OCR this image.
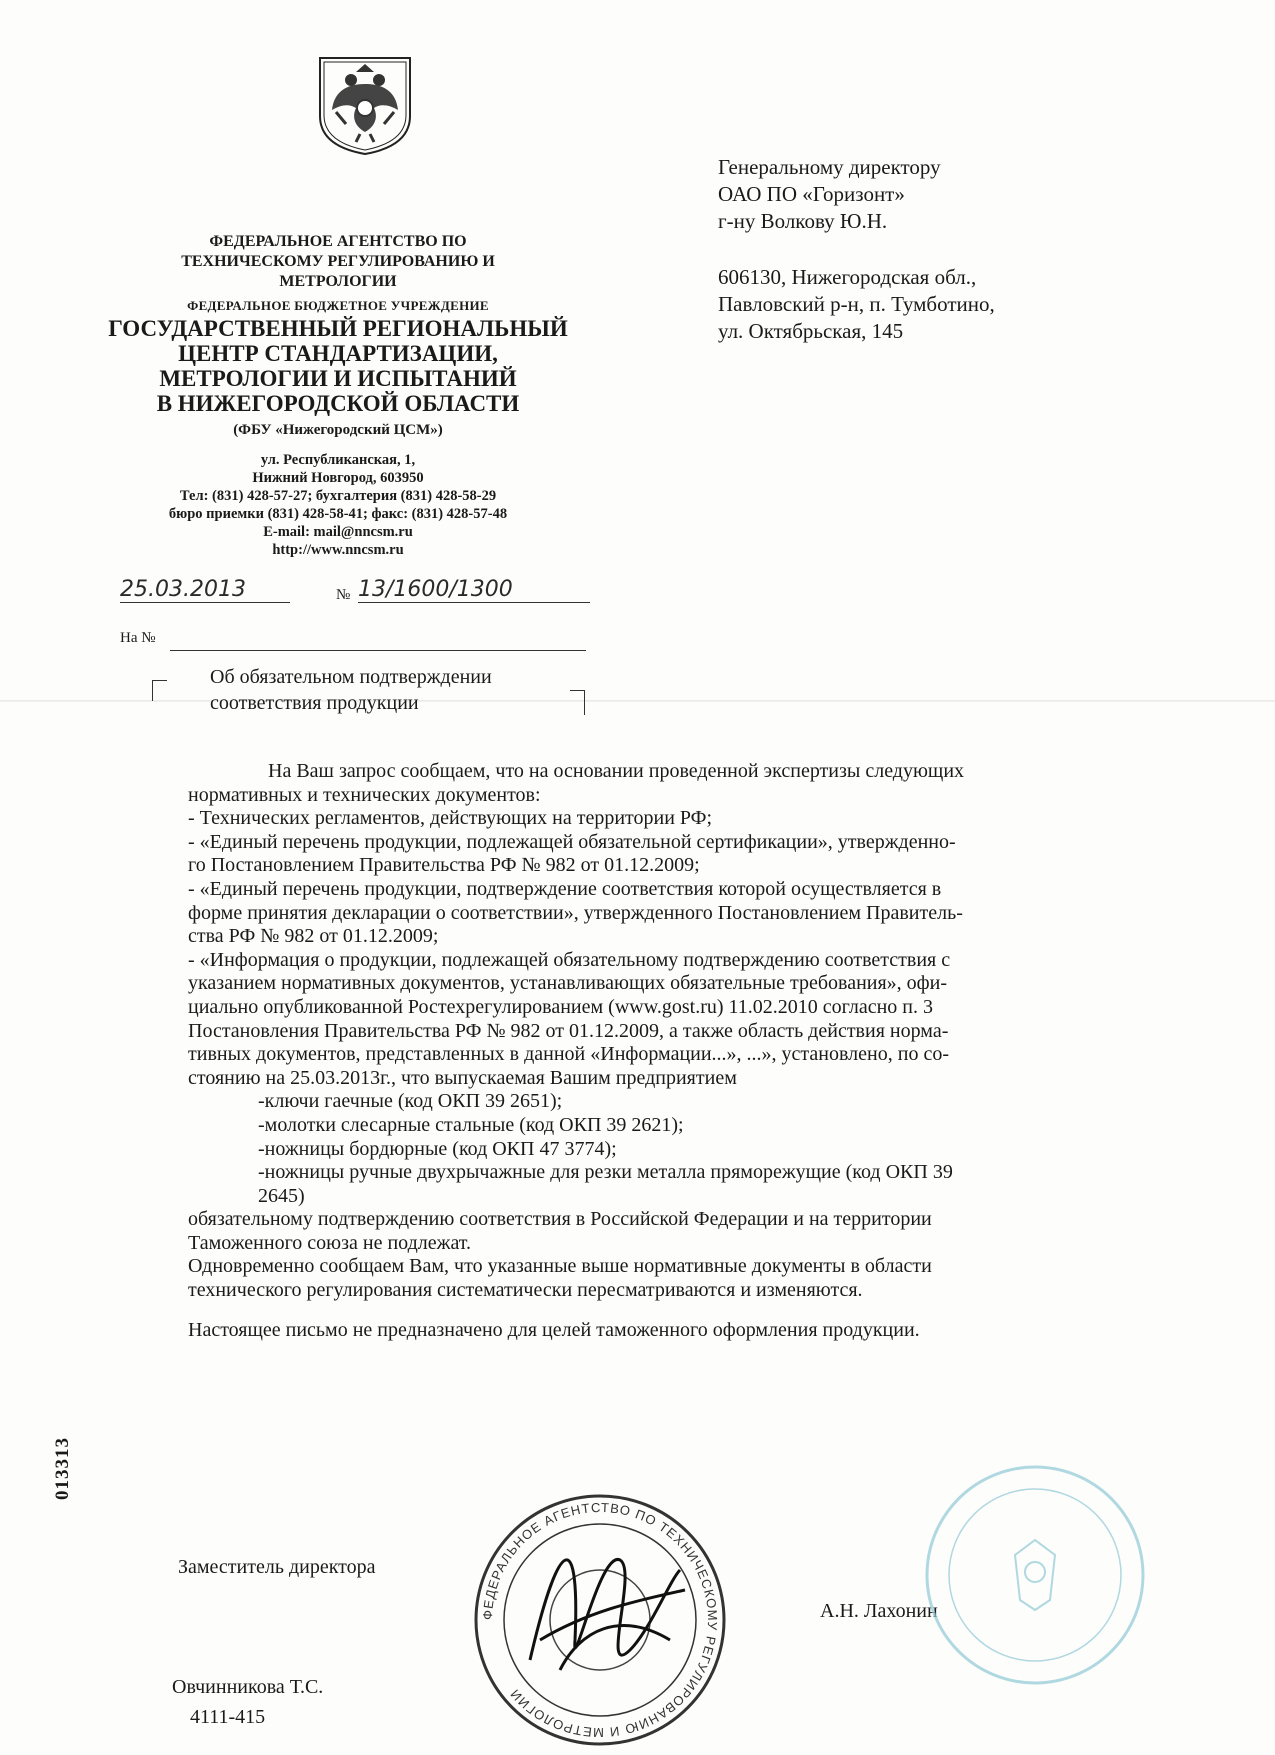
ФЕДЕРАЛЬНОЕ АГЕНТСТВО ПО
ТЕХНИЧЕСКОМУ РЕГУЛИРОВАНИЮ И
МЕТРОЛОГИИ
ФЕДЕРАЛЬНОЕ БЮДЖЕТНОЕ УЧРЕЖДЕНИЕ
ГОСУДАРСТВЕННЫЙ РЕГИОНАЛЬНЫЙ
ЦЕНТР СТАНДАРТИЗАЦИИ,
МЕТРОЛОГИИ И ИСПЫТАНИЙ
В НИЖЕГОРОДСКОЙ ОБЛАСТИ
(ФБУ «Нижегородский ЦСМ»)
ул. Республиканская, 1,
Нижний Новгород, 603950
Тел: (831) 428-57-27; бухгалтерия (831) 428-58-29
бюро приемки (831) 428-58-41; факс: (831) 428-57-48
E-mail: mail@nncsm.ru
http://www.nncsm.ru
Генеральному директору
ОАО ПО «Горизонт»
г-ну Волкову Ю.Н.
606130, Нижегородская обл.,
Павловский р-н, п. Тумботино,
ул. Октябрьская, 145
25.03.2013	№ 13/1600/1300
На №
Об обязательном подтверждении
соответствия продукции

На Ваш запрос сообщаем, что на основании проведенной экспертизы следующих

нормативных и технических документов:

- Технических регламентов, действующих на территории РФ;

- «Единый перечень продукции, подлежащей обязательной сертификации», утвержденно-

го Постановлением Правительства РФ № 982 от 01.12.2009;

- «Единый перечень продукции, подтверждение соответствия которой осуществляется в

форме принятия декларации о соответствии», утвержденного Постановлением Правитель-

ства РФ № 982 от 01.12.2009;

- «Информация о продукции, подлежащей обязательному подтверждению соответствия с

указанием нормативных документов, устанавливающих обязательные требования», офи-

циально опубликованной Ростехрегулированием (www.gost.ru) 11.02.2010 согласно п. 3

Постановления Правительства РФ № 982 от 01.12.2009, а также область действия норма-

тивных документов, представленных в данной «Информации...», ...», установлено, по со-

стоянию на 25.03.2013г., что выпускаемая Вашим предприятием

-ключи гаечные (код ОКП 39 2651);

-молотки слесарные стальные (код ОКП 39 2621);

-ножницы бордюрные (код ОКП 47 3774);

-ножницы ручные двухрычажные для резки металла пряморежущие (код ОКП 39

2645)

обязательному подтверждению соответствия в Российской Федерации и на территории

Таможенного союза не подлежат.

Одновременно сообщаем Вам, что указанные выше нормативные документы в области

технического регулирования систематически пересматриваются и изменяются.

Настоящее письмо не предназначено для целей таможенного оформления продукции.

013313
Заместитель директора
А.Н. Лахонин
ФЕДЕРАЛЬНОЕ АГЕНТСТВО ПО ТЕХНИЧЕСКОМУ РЕГУЛИРОВАНИЮ И МЕТРОЛОГИИ
Овчинникова Т.С.
4111-415
